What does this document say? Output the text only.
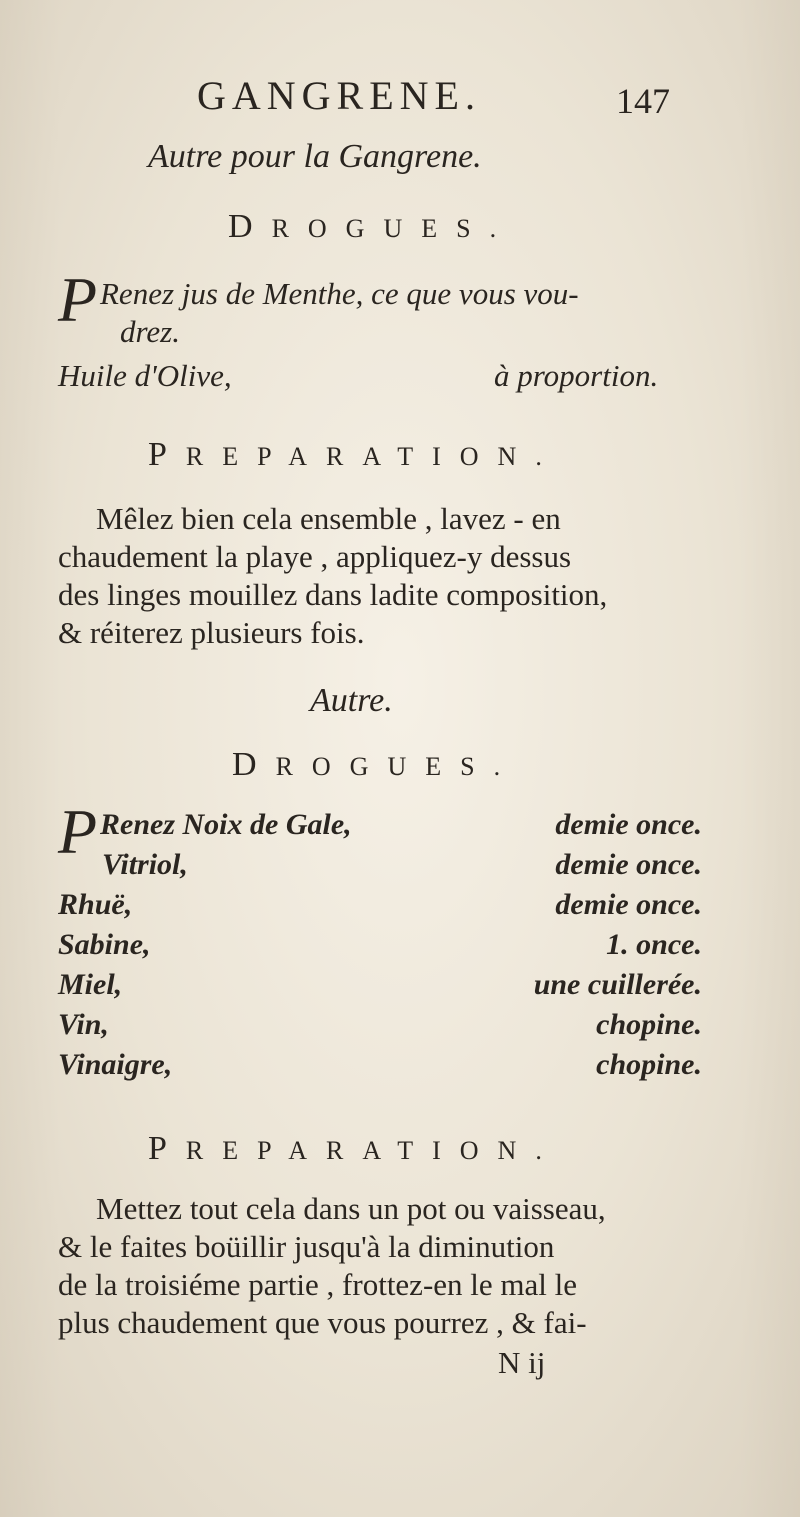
GANGRENE.	147
Autre pour la Gangrene.
DROGUES.
P Renez jus de Menthe, ce que vous vou-
drez.
Huile d'Olive,	à proportion.
PREPARATION.
Mêlez bien cela ensemble , lavez - en
chaudement la playe , appliquez-y dessus
des linges mouillez dans ladite composition,
& réiterez plusieurs fois.
Autre.
DROGUES.
P Renez Noix de Gale,
Vitriol,
Rhuë,
Sabine,
Miel,
Vin,
Vinaigre,
demie once.
demie once.
demie once.
1. once.
une cuillerée.
chopine.
chopine.
PREPARATION.
Mettez tout cela dans un pot ou vaisseau,
& le faites boüillir jusqu'à la diminution
de la troisiéme partie , frottez-en le mal le
plus chaudement que vous pourrez , & fai-
N ij
